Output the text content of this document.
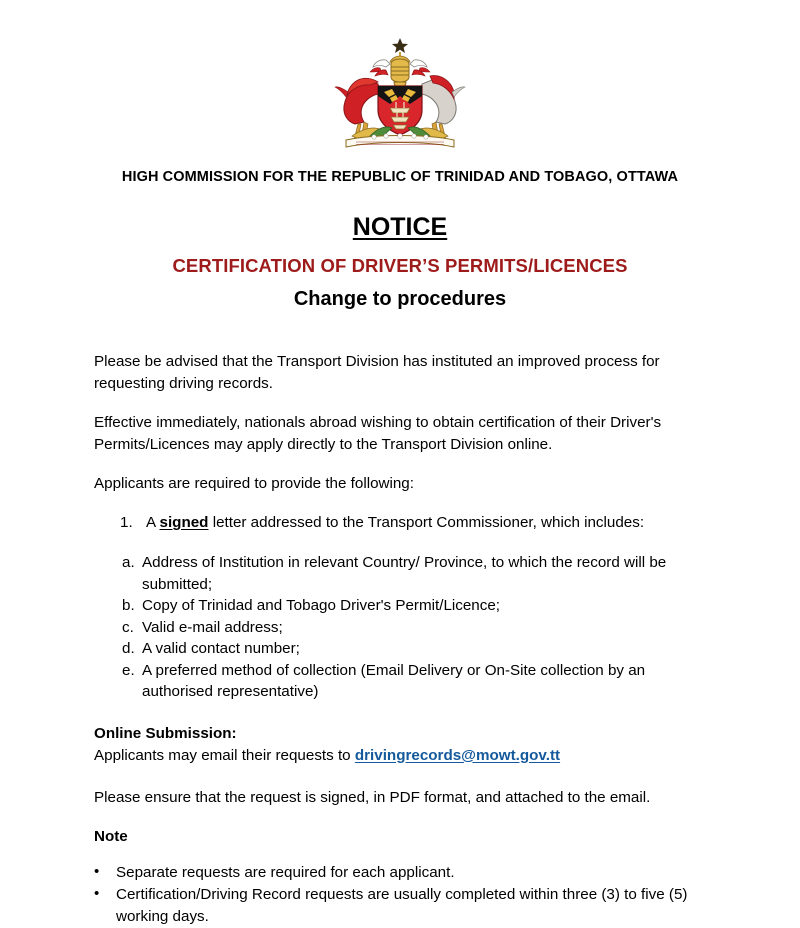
HIGH COMMISSION FOR THE REPUBLIC OF TRINIDAD AND TOBAGO, OTTAWA
NOTICE
CERTIFICATION OF DRIVER’S PERMITS/LICENCES
Change to procedures

Please be advised that the Transport Division has instituted an improved process for requesting driving records.

Effective immediately, nationals abroad wishing to obtain certification of their Driver's Permits/Licences may apply directly to the Transport Division online.

Applicants are required to provide the following:

1. A signed letter addressed to the Transport Commissioner, which includes:
a. Address of Institution in relevant Country/ Province, to which the record will be submitted;
b. Copy of Trinidad and Tobago Driver's Permit/Licence;
c. Valid e-mail address;
d. A valid contact number;
e. A preferred method of collection (Email Delivery or On-Site collection by an authorised representative)

Online Submission:

Applicants may email their requests to drivingrecords@mowt.gov.tt

Please ensure that the request is signed, in PDF format, and attached to the email.

Note

• Separate requests are required for each applicant.
• Certification/Driving Record requests are usually completed within three (3) to five (5) working days.
